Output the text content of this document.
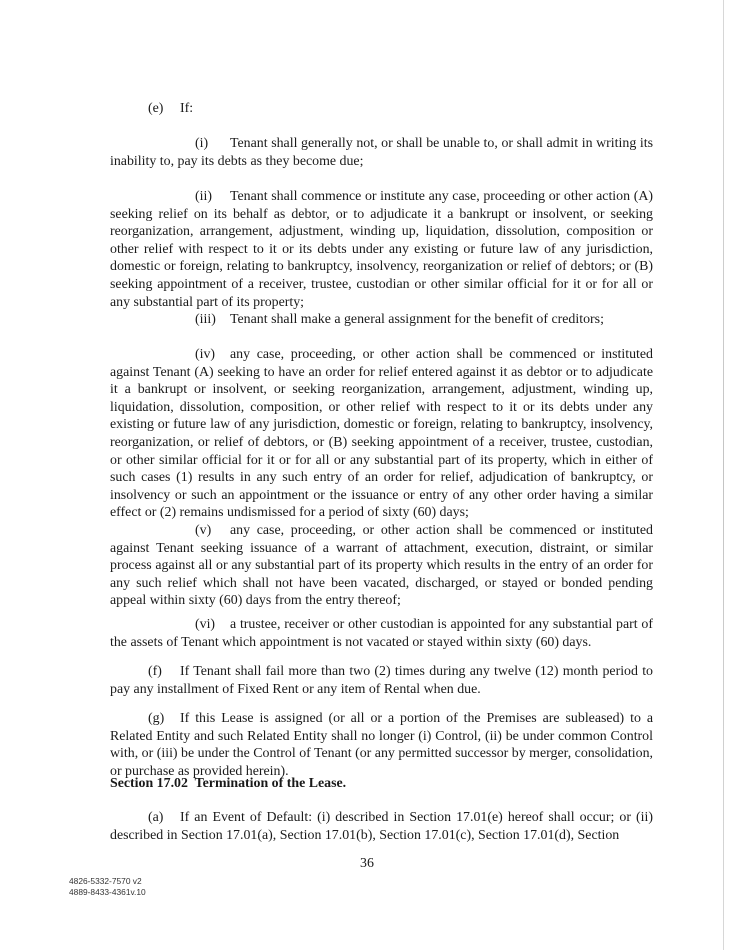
(e) If:

(i) Tenant shall generally not, or shall be unable to, or shall admit in writing its inability to, pay its debts as they become due;

(ii) Tenant shall commence or institute any case, proceeding or other action (A) seeking relief on its behalf as debtor, or to adjudicate it a bankrupt or insolvent, or seeking reorganization, arrangement, adjustment, winding up, liquidation, dissolution, composition or other relief with respect to it or its debts under any existing or future law of any jurisdiction, domestic or foreign, relating to bankruptcy, insolvency, reorganization or relief of debtors; or (B) seeking appointment of a receiver, trustee, custodian or other similar official for it or for all or any substantial part of its property;

(iii) Tenant shall make a general assignment for the benefit of creditors;

(iv) any case, proceeding, or other action shall be commenced or instituted against Tenant (A) seeking to have an order for relief entered against it as debtor or to adjudicate it a bankrupt or insolvent, or seeking reorganization, arrangement, adjustment, winding up, liquidation, dissolution, composition, or other relief with respect to it or its debts under any existing or future law of any jurisdiction, domestic or foreign, relating to bankruptcy, insolvency, reorganization, or relief of debtors, or (B) seeking appointment of a receiver, trustee, custodian, or other similar official for it or for all or any substantial part of its property, which in either of such cases (1) results in any such entry of an order for relief, adjudication of bankruptcy, or insolvency or such an appointment or the issuance or entry of any other order having a similar effect or (2) remains undismissed for a period of sixty (60) days;

(v) any case, proceeding, or other action shall be commenced or instituted against Tenant seeking issuance of a warrant of attachment, execution, distraint, or similar process against all or any substantial part of its property which results in the entry of an order for any such relief which shall not have been vacated, discharged, or stayed or bonded pending appeal within sixty (60) days from the entry thereof;

(vi) a trustee, receiver or other custodian is appointed for any substantial part of the assets of Tenant which appointment is not vacated or stayed within sixty (60) days.

(f) If Tenant shall fail more than two (2) times during any twelve (12) month period to pay any installment of Fixed Rent or any item of Rental when due.

(g) If this Lease is assigned (or all or a portion of the Premises are subleased) to a Related Entity and such Related Entity shall no longer (i) Control, (ii) be under common Control with, or (iii) be under the Control of Tenant (or any permitted successor by merger, consolidation, or purchase as provided herein).

Section 17.02  Termination of the Lease.

(a) If an Event of Default: (i) described in Section 17.01(e) hereof shall occur; or (ii) described in Section 17.01(a), Section 17.01(b), Section 17.01(c), Section 17.01(d), Section

36
4826-5332-7570 v2
4889-8433-4361v.10
